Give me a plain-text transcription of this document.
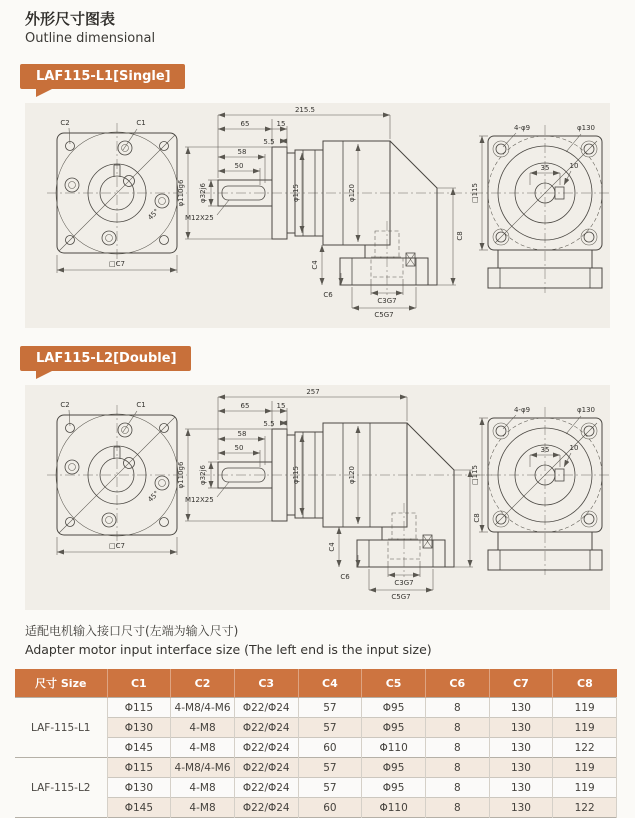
外形尺寸图表
Outline dimensional
LAF115-L1[Single]
C2	C1
45°
□C7
215.5
65	15
5.5
58
50
φ110g6 φ32j6
M12X25
φ115	φ120
C4
C6
C3G7
C5G7
C8
35	10
□115
4-φ9	φ130
LAF115-L2[Double]
C2	C1
45°
□C7
257
65	15
5.5
58
50
φ110g6 φ32j6
M12X25
φ115	φ120
C4
C6
C3G7
C5G7
C8
35	10
□115
4-φ9	φ130
适配电机输入接口尺寸(左端为输入尺寸)
Adapter motor input interface size (The left end is the input size)
尺寸 Size	C1	C2	C3	C4	C5	C6	C7	C8
LAF-115-L1	Φ115	4-M8/4-M6	Φ22/Φ24	57	Φ95	8	130	119
	Φ130	4-M8	Φ22/Φ24	57	Φ95	8	130	119
	Φ145	4-M8	Φ22/Φ24	60	Φ110	8	130	122
LAF-115-L2	Φ115	4-M8/4-M6	Φ22/Φ24	57	Φ95	8	130	119
	Φ130	4-M8	Φ22/Φ24	57	Φ95	8	130	119
	Φ145	4-M8	Φ22/Φ24	60	Φ110	8	130	122
